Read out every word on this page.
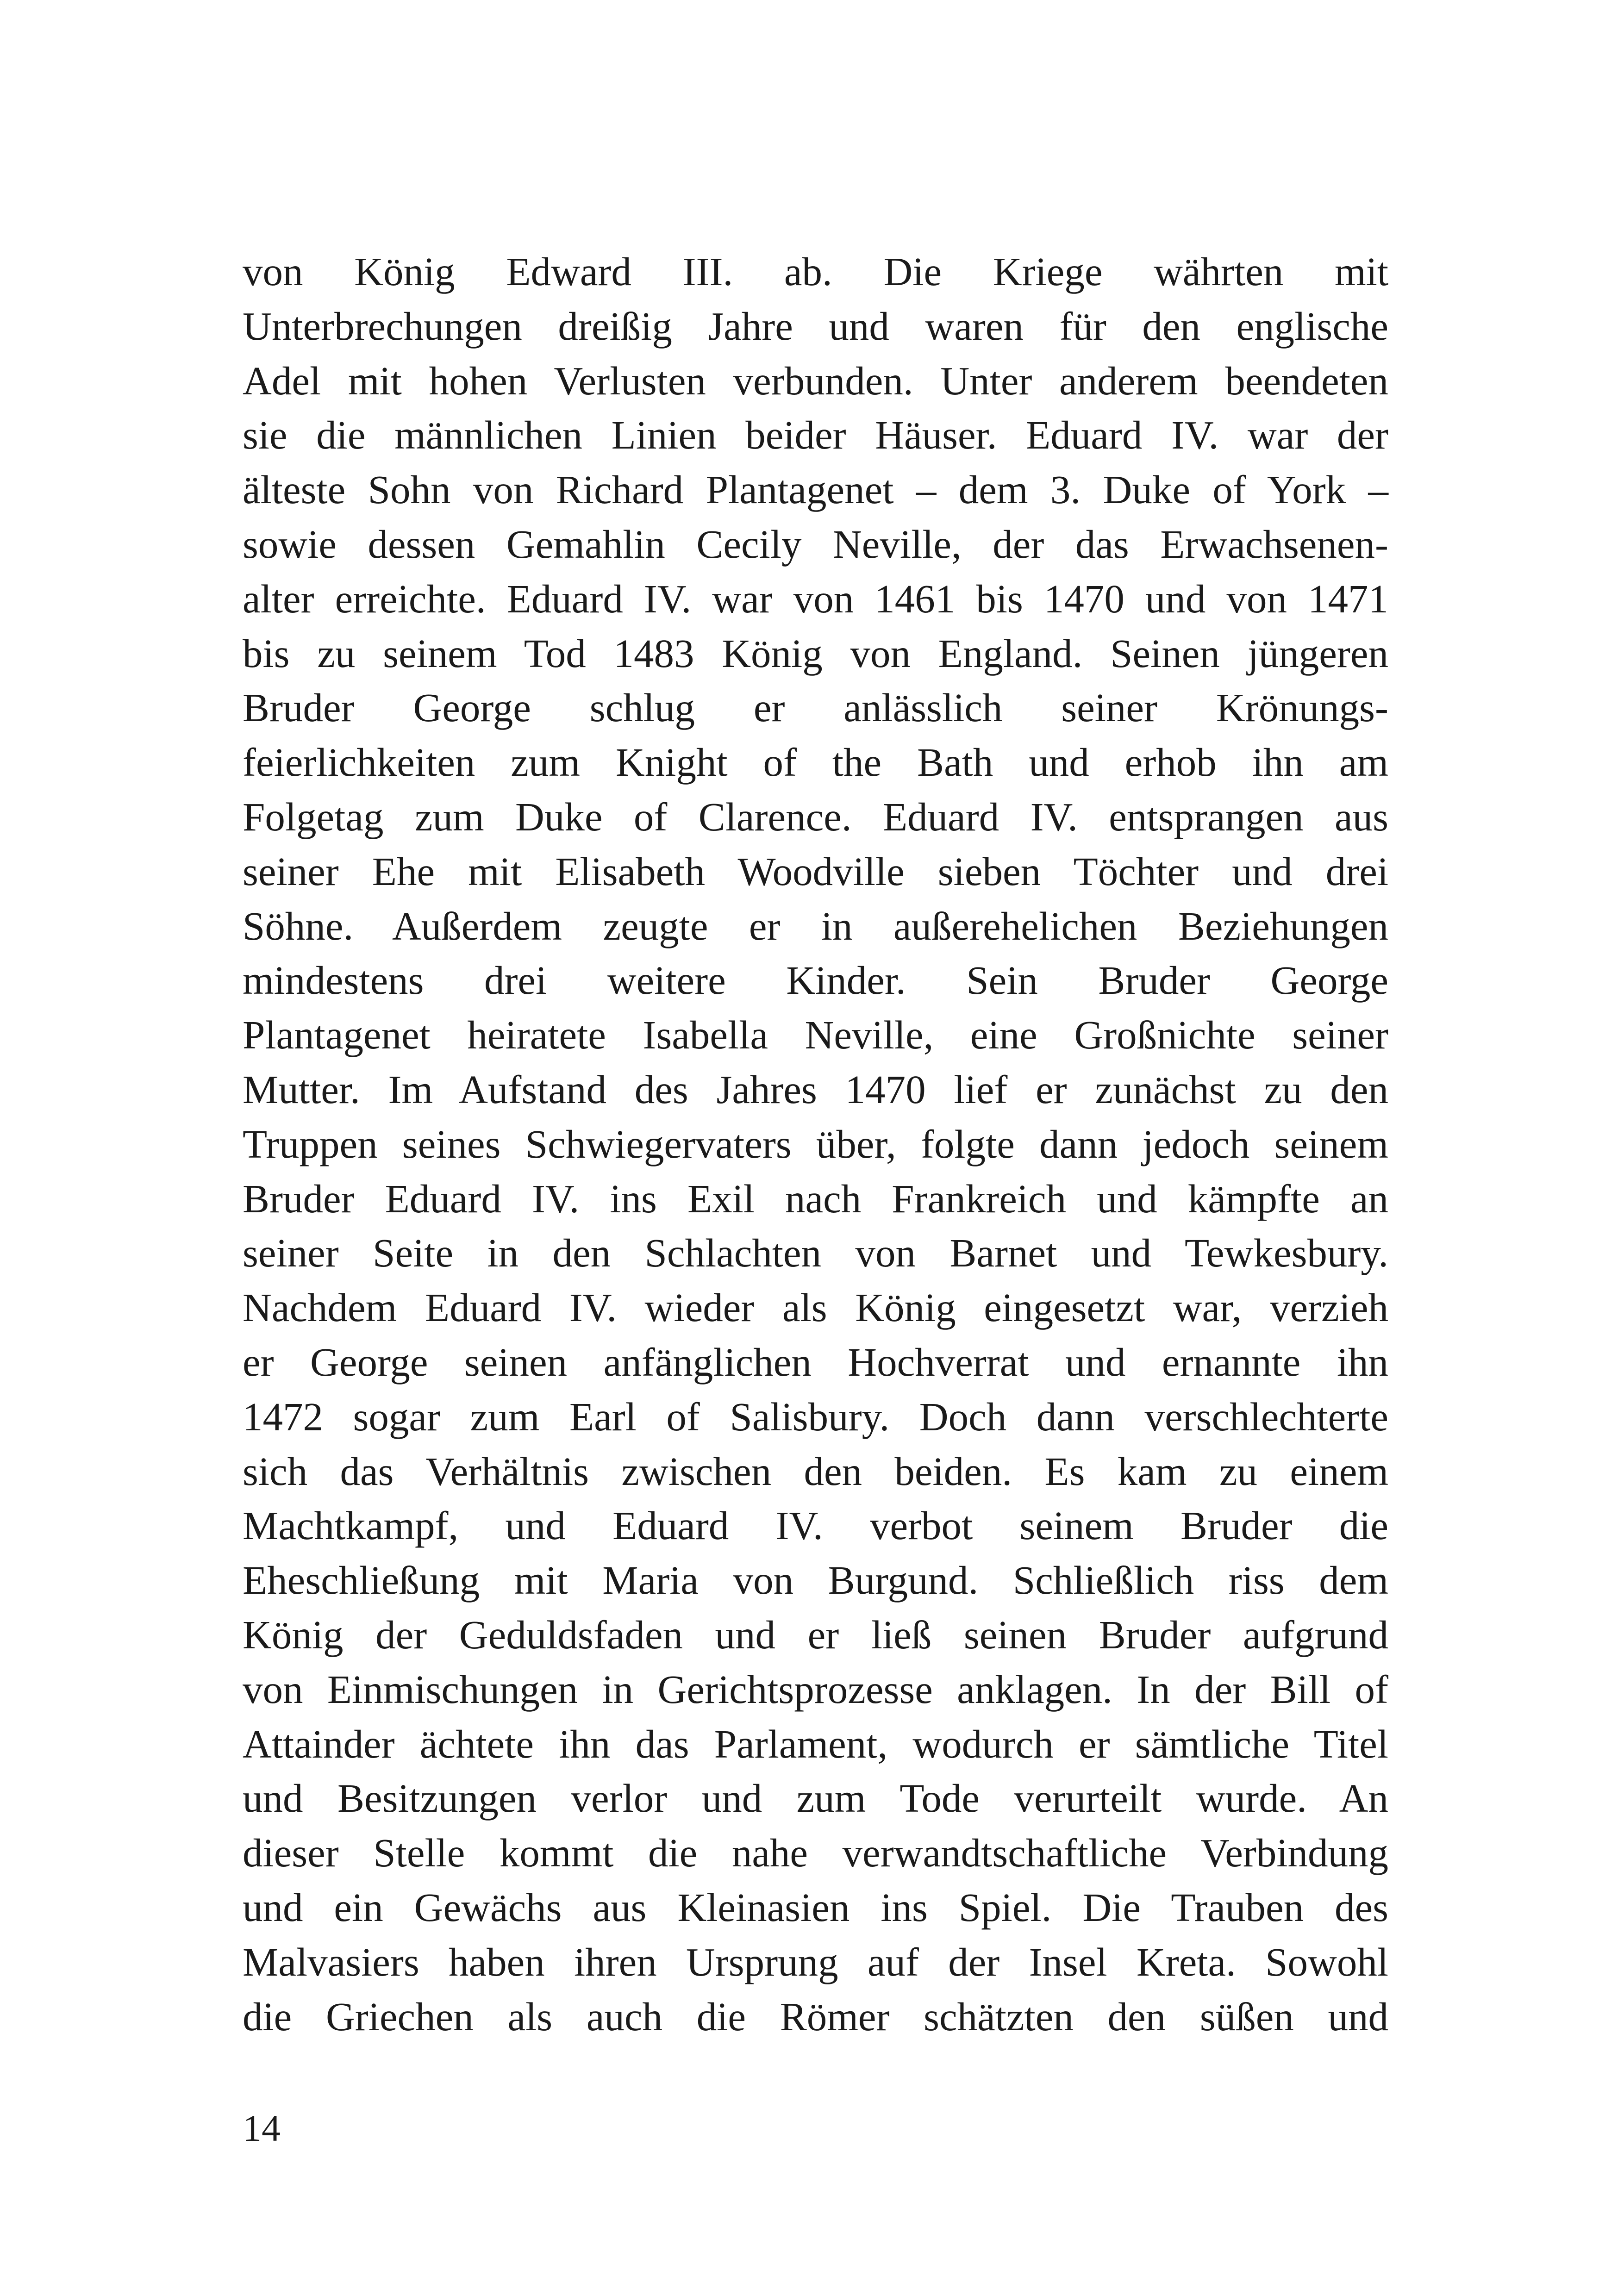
von König Edward III. ab. Die Kriege währten mit
Unterbrechungen dreißig Jahre und waren für den englische
Adel mit hohen Verlusten verbunden. Unter anderem beendeten
sie die männlichen Linien beider Häuser. Eduard IV. war der
älteste Sohn von Richard Plantagenet – dem 3. Duke of York –
sowie dessen Gemahlin Cecily Neville, der das Erwachsenen-
alter erreichte. Eduard IV. war von 1461 bis 1470 und von 1471
bis zu seinem Tod 1483 König von England. Seinen jüngeren
Bruder George schlug er anlässlich seiner Krönungs-
feierlichkeiten zum Knight of the Bath und erhob ihn am
Folgetag zum Duke of Clarence. Eduard IV. entsprangen aus
seiner Ehe mit Elisabeth Woodville sieben Töchter und drei
Söhne. Außerdem zeugte er in außerehelichen Beziehungen
mindestens drei weitere Kinder. Sein Bruder George
Plantagenet heiratete Isabella Neville, eine Großnichte seiner
Mutter. Im Aufstand des Jahres 1470 lief er zunächst zu den
Truppen seines Schwiegervaters über, folgte dann jedoch seinem
Bruder Eduard IV. ins Exil nach Frankreich und kämpfte an
seiner Seite in den Schlachten von Barnet und Tewkesbury.
Nachdem Eduard IV. wieder als König eingesetzt war, verzieh
er George seinen anfänglichen Hochverrat und ernannte ihn
1472 sogar zum Earl of Salisbury. Doch dann verschlechterte
sich das Verhältnis zwischen den beiden. Es kam zu einem
Machtkampf, und Eduard IV. verbot seinem Bruder die
Eheschließung mit Maria von Burgund. Schließlich riss dem
König der Geduldsfaden und er ließ seinen Bruder aufgrund
von Einmischungen in Gerichtsprozesse anklagen. In der Bill of
Attainder ächtete ihn das Parlament, wodurch er sämtliche Titel
und Besitzungen verlor und zum Tode verurteilt wurde. An
dieser Stelle kommt die nahe verwandtschaftliche Verbindung
und ein Gewächs aus Kleinasien ins Spiel. Die Trauben des
Malvasiers haben ihren Ursprung auf der Insel Kreta. Sowohl
die Griechen als auch die Römer schätzten den süßen und
14
